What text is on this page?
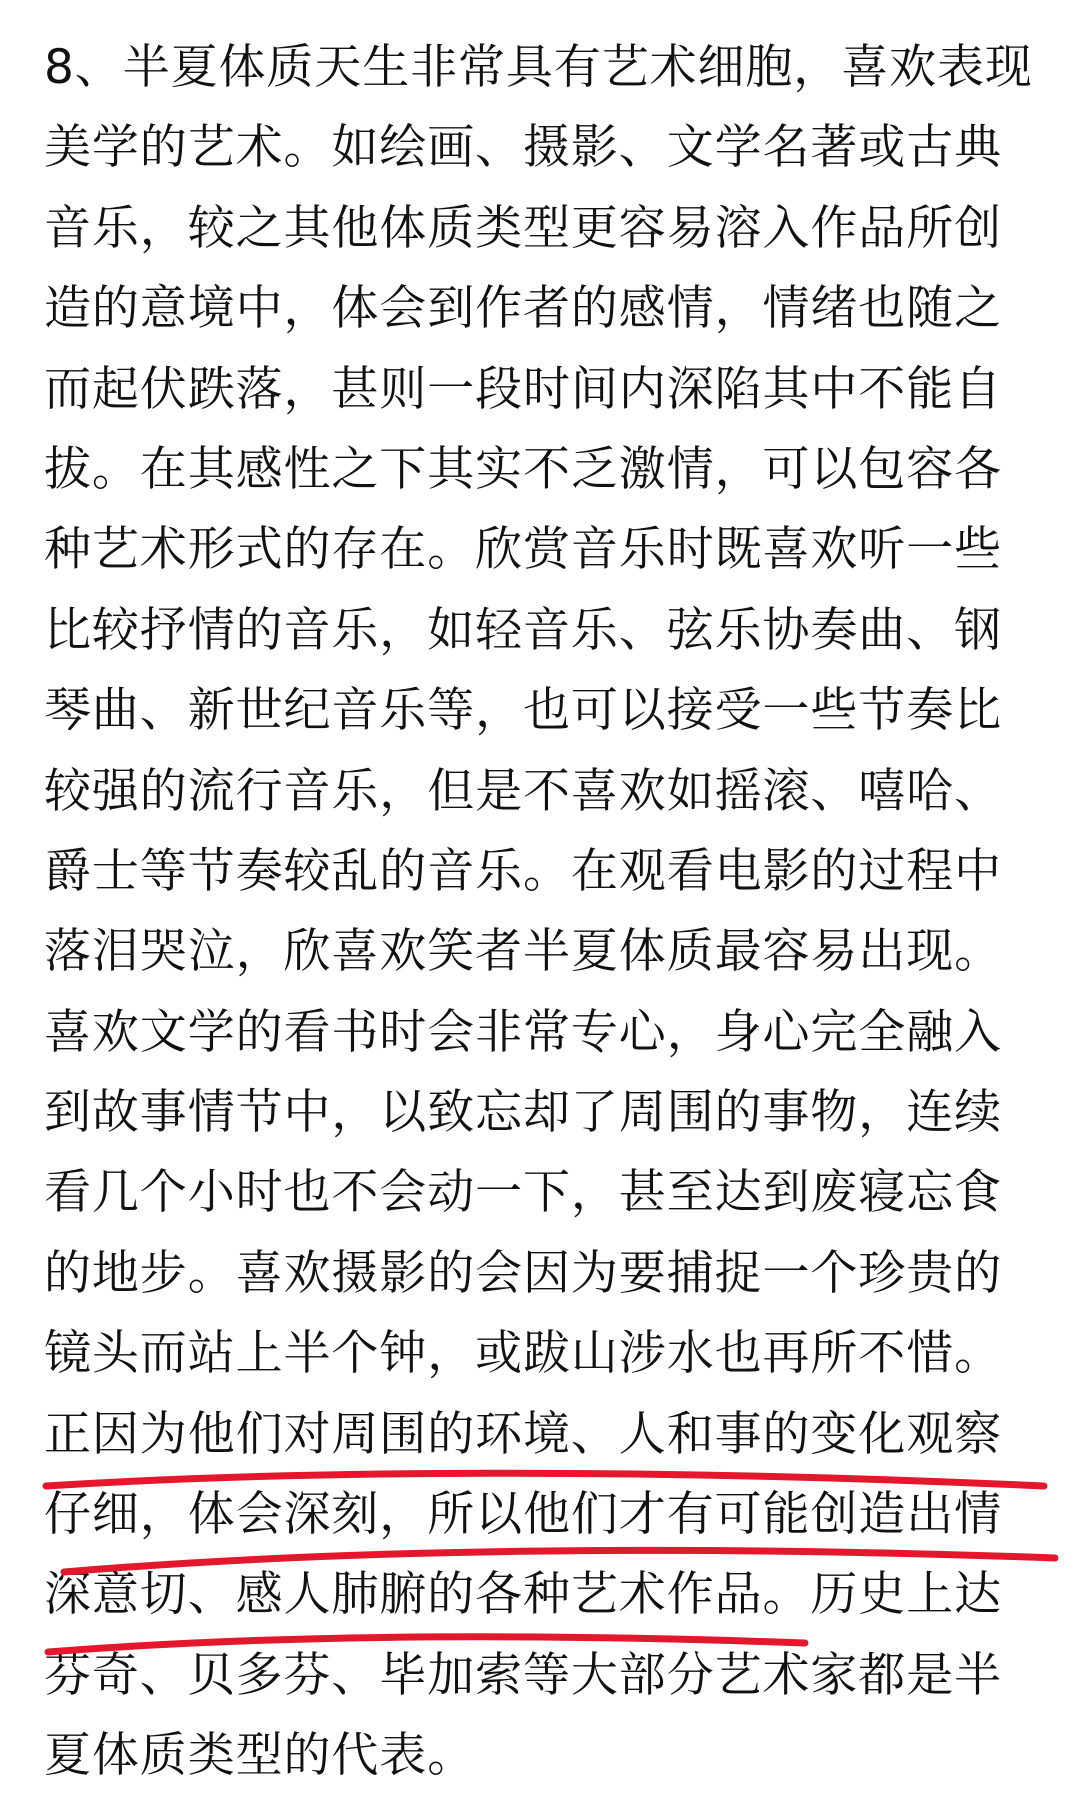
8、半夏体质天生非常具有艺术细胞，喜欢表现
美学的艺术。如绘画、摄影、文学名著或古典
音乐，较之其他体质类型更容易溶入作品所创
造的意境中，体会到作者的感情，情绪也随之
而起伏跌落，甚则一段时间内深陷其中不能自
拔。在其感性之下其实不乏激情，可以包容各
种艺术形式的存在。欣赏音乐时既喜欢听一些
比较抒情的音乐，如轻音乐、弦乐协奏曲、钢
琴曲、新世纪音乐等，也可以接受一些节奏比
较强的流行音乐，但是不喜欢如摇滚、嘻哈、
爵士等节奏较乱的音乐。在观看电影的过程中
落泪哭泣，欣喜欢笑者半夏体质最容易出现。
喜欢文学的看书时会非常专心，身心完全融入
到故事情节中，以致忘却了周围的事物，连续
看几个小时也不会动一下，甚至达到废寝忘食
的地步。喜欢摄影的会因为要捕捉一个珍贵的
镜头而站上半个钟，或跋山涉水也再所不惜。
正因为他们对周围的环境、人和事的变化观察
仔细，体会深刻，所以他们才有可能创造出情
深意切、感人肺腑的各种艺术作品。历史上达
芬奇、贝多芬、毕加索等大部分艺术家都是半
夏体质类型的代表。
